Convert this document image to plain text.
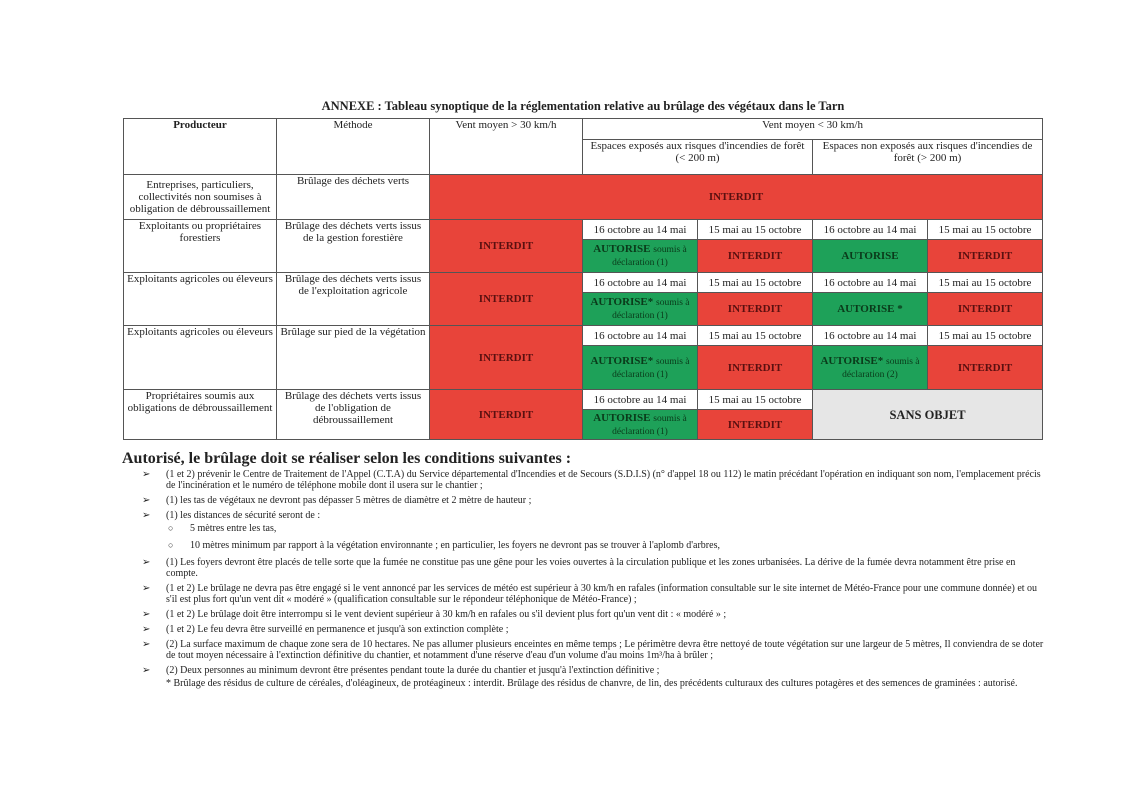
ANNEXE : Tableau synoptique de la réglementation relative au brûlage des végétaux dans le Tarn
Producteur	Méthode	Vent moyen > 30 km/h	Vent moyen < 30 km/h			
			Espaces exposés aux risques d'incendies de forêt (< 200 m)		Espaces non exposés aux risques d'incendies de forêt (> 200 m)	
Entreprises, particuliers, collectivités non soumises à obligation de débroussaillement	Brûlage des déchets verts	INTERDIT				
Exploitants ou propriétaires forestiers	Brûlage des déchets verts issus de la gestion forestière	INTERDIT	16 octobre au 14 mai	15 mai au 15 octobre	16 octobre au 14 mai	15 mai au 15 octobre
			AUTORISE soumis à déclaration (1)	INTERDIT	AUTORISE	INTERDIT
Exploitants agricoles ou éleveurs	Brûlage des déchets verts issus de l'exploitation agricole	INTERDIT	16 octobre au 14 mai	15 mai au 15 octobre	16 octobre au 14 mai	15 mai au 15 octobre
			AUTORISE* soumis à déclaration (1)	INTERDIT	AUTORISE *	INTERDIT
Exploitants agricoles ou éleveurs	Brûlage sur pied de la végétation	INTERDIT	16 octobre au 14 mai	15 mai au 15 octobre	16 octobre au 14 mai	15 mai au 15 octobre
			AUTORISE* soumis à déclaration (1)	INTERDIT	AUTORISE* soumis à déclaration (2)	INTERDIT
Propriétaires soumis aux obligations de débroussaillement	Brûlage des déchets verts issus de l'obligation de débroussaillement	INTERDIT	16 octobre au 14 mai	15 mai au 15 octobre	SANS OBJET	
			AUTORISE soumis à déclaration (1)	INTERDIT		
Autorisé, le brûlage doit se réaliser selon les conditions suivantes :
➢ (1 et 2) prévenir le Centre de Traitement de l'Appel (C.T.A) du Service départemental d'Incendies et de Secours (S.D.I.S) (n° d'appel 18 ou 112) le matin précédant l'opération en indiquant son nom, l'emplacement précis de l'incinération et le numéro de téléphone mobile dont il usera sur le chantier ;
➢ (1) les tas de végétaux ne devront pas dépasser 5 mètres de diamètre et 2 mètre de hauteur ;
➢ (1) les distances de sécurité seront de :
○ 5 mètres entre les tas,
○ 10 mètres minimum par rapport à la végétation environnante ; en particulier, les foyers ne devront pas se trouver à l'aplomb d'arbres,
➢ (1) Les foyers devront être placés de telle sorte que la fumée ne constitue pas une gêne pour les voies ouvertes à la circulation publique et les zones urbanisées. La dérive de la fumée devra notamment être prise en compte.
➢ (1 et 2) Le brûlage ne devra pas être engagé si le vent annoncé par les services de météo est supérieur à 30 km/h en rafales (information consultable sur le site internet de Météo-France pour une commune donnée) et ou s'il est plus fort qu'un vent dit « modéré » (qualification consultable sur le répondeur téléphonique de Météo-France) ;
➢ (1 et 2) Le brûlage doit être interrompu si le vent devient supérieur à 30 km/h en rafales ou s'il devient plus fort qu'un vent dit : « modéré » ;
➢ (1 et 2) Le feu devra être surveillé en permanence et jusqu'à son extinction complète ;
➢ (2) La surface maximum de chaque zone sera de 10 hectares. Ne pas allumer plusieurs enceintes en même temps ; Le périmètre devra être nettoyé de toute végétation sur une largeur de 5 mètres, Il conviendra de se doter de tout moyen nécessaire à l'extinction définitive du chantier, et notamment d'une réserve d'eau d'un volume d'au moins 1m³/ha à brûler ;
➢ (2) Deux personnes au minimum devront être présentes pendant toute la durée du chantier et jusqu'à l'extinction définitive ;
* Brûlage des résidus de culture de céréales, d'oléagineux, de protéagineux : interdit. Brûlage des résidus de chanvre, de lin, des précédents culturaux des cultures potagères et des semences de graminées : autorisé.
